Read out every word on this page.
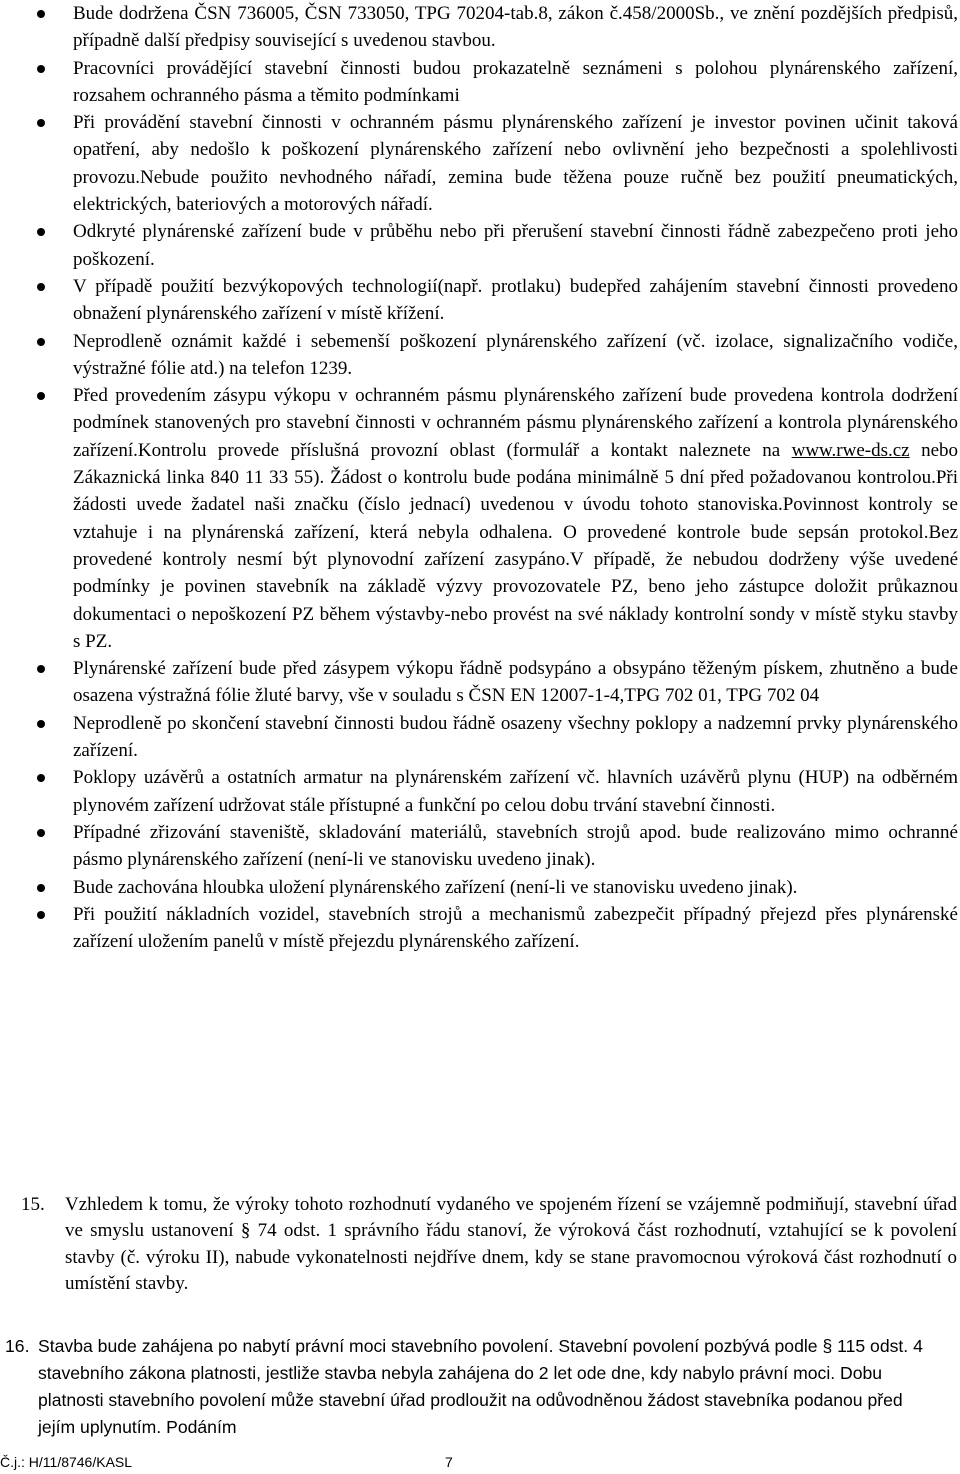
Bude dodržena ČSN 736005, ČSN 733050, TPG 70204-tab.8, zákon č.458/2000Sb., ve znění pozdějších předpisů, případně další předpisy související s uvedenou stavbou.
Pracovníci provádějící stavební činnosti budou prokazatelně seznámeni s polohou plynárenského zařízení, rozsahem ochranného pásma a těmito podmínkami
Při provádění stavební činnosti v ochranném pásmu plynárenského zařízení je investor povinen učinit taková opatření, aby nedošlo k poškození plynárenského zařízení nebo ovlivnění jeho bezpečnosti a spolehlivosti provozu.Nebude použito nevhodného nářadí, zemina bude těžena pouze ručně bez použití pneumatických, elektrických, bateriových a motorových nářadí.
Odkryté plynárenské zařízení bude v průběhu nebo při přerušení stavební činnosti řádně zabezpečeno proti jeho poškození.
V případě použití bezvýkopových technologií(např. protlaku) budepřed zahájením stavební činnosti provedeno obnažení plynárenského zařízení v místě křížení.
Neprodleně oznámit každé i sebemenší poškození plynárenského zařízení (vč. izolace, signalizačního vodiče, výstražné fólie atd.) na telefon 1239.
Před provedením zásypu výkopu v ochranném pásmu plynárenského zařízení bude provedena kontrola dodržení podmínek stanovených pro stavební činnosti v ochranném pásmu plynárenského zařízení a kontrola plynárenského zařízení.Kontrolu provede příslušná provozní oblast (formulář a kontakt naleznete na www.rwe-ds.cz nebo Zákaznická linka 840 11 33 55). Žádost o kontrolu bude podána minimálně 5 dní před požadovanou kontrolou.Při žádosti uvede žadatel naši značku (číslo jednací) uvedenou v úvodu tohoto stanoviska.Povinnost kontroly se vztahuje i na plynárenská zařízení, která nebyla odhalena. O provedené kontrole bude sepsán protokol.Bez provedené kontroly nesmí být plynovodní zařízení zasypáno.V případě, že nebudou dodrženy výše uvedené podmínky je povinen stavebník na základě výzvy provozovatele PZ, beno jeho zástupce doložit průkaznou dokumentaci o nepoškození PZ během výstavby-nebo provést na své náklady kontrolní sondy v místě styku stavby s PZ.
Plynárenské zařízení bude před zásypem výkopu řádně podsypáno a obsypáno těženým pískem, zhutněno a bude osazena výstražná fólie žluté barvy, vše v souladu s ČSN EN 12007-1-4,TPG 702 01, TPG 702 04
Neprodleně po skončení stavební činnosti budou řádně osazeny všechny poklopy a nadzemní prvky plynárenského zařízení.
Poklopy uzávěrů a ostatních armatur na plynárenském zařízení vč. hlavních uzávěrů plynu (HUP) na odběrném plynovém zařízení udržovat stále přístupné a funkční po celou dobu trvání stavební činnosti.
Případné zřizování staveniště, skladování materiálů, stavebních strojů apod. bude realizováno mimo ochranné pásmo plynárenského zařízení (není-li ve stanovisku uvedeno jinak).
Bude zachována hloubka uložení plynárenského zařízení (není-li ve stanovisku uvedeno jinak).
Při použití nákladních vozidel, stavebních strojů a mechanismů zabezpečit případný přejezd přes plynárenské zařízení uložením panelů v místě přejezdu plynárenského zařízení.

15. Vzhledem k tomu, že výroky tohoto rozhodnutí vydaného ve spojeném řízení se vzájemně podmiňují, stavební úřad ve smyslu ustanovení § 74 odst. 1 správního řádu stanoví, že výroková část rozhodnutí, vztahující se k povolení stavby (č. výroku II), nabude vykonatelnosti nejdříve dnem, kdy se stane pravomocnou výroková část rozhodnutí o umístění stavby.

16. Stavba bude zahájena po nabytí právní moci stavebního povolení. Stavební povolení pozbývá podle § 115 odst. 4 stavebního zákona platnosti, jestliže stavba nebyla zahájena do 2 let ode dne, kdy nabylo právní moci. Dobu platnosti stavebního povolení může stavební úřad prodloužit na odůvodněnou žádost stavebníka podanou před jejím uplynutím. Podáním

Č.j.: H/11/8746/KASL	7
